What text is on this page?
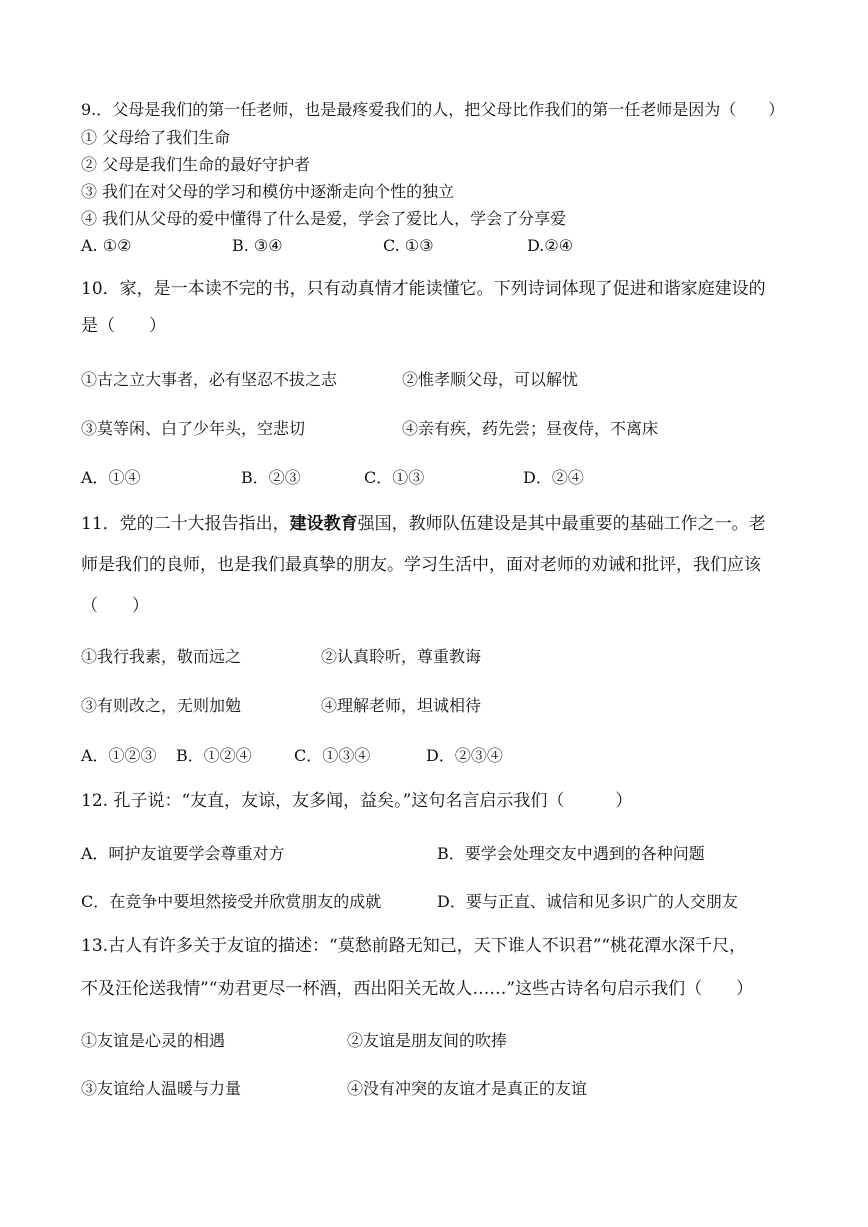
9.．父母是我们的第一任老师，也是最疼爱我们的人，把父母比作我们的第一任老师是因为（　　）
① 父母给了我们生命
② 父母是我们生命的最好守护者
③ 我们在对父母的学习和模仿中逐渐走向个性的独立
④ 我们从父母的爱中懂得了什么是爱，学会了爱比人，学会了分享爱
A. ①②	B. ③④	C. ①③	D.②④
10．家，是一本读不完的书，只有动真情才能读懂它。下列诗词体现了促进和谐家庭建设的
是（　　）
①古之立大事者，必有坚忍不拔之志	②惟孝顺父母，可以解忧
③莫等闲、白了少年头，空悲切	④亲有疾，药先尝；昼夜侍，不离床
A．①④	B．②③	C．①③	D．②④
11．党的二十大报告指出，建设教育强国，教师队伍建设是其中最重要的基础工作之一。老
师是我们的良师，也是我们最真挚的朋友。学习生活中，面对老师的劝诫和批评，我们应该
（　　）
①我行我素，敬而远之	②认真聆听，尊重教诲
③有则改之，无则加勉	④理解老师，坦诚相待
A．①②③ B．①②④	C．①③④	D．②③④
12. 孔子说：“友直，友谅，友多闻，益矣。”这句名言启示我们（　　　）
A．呵护友谊要学会尊重对方	B．要学会处理交友中遇到的各种问题
C．在竞争中要坦然接受并欣赏朋友的成就	D．要与正直、诚信和见多识广的人交朋友
13.古人有许多关于友谊的描述：“莫愁前路无知己，天下谁人不识君”“桃花潭水深千尺，
不及汪伦送我情”“劝君更尽一杯酒，西出阳关无故人……”这些古诗名句启示我们（　　）
①友谊是心灵的相遇	②友谊是朋友间的吹捧
③友谊给人温暖与力量	④没有冲突的友谊才是真正的友谊
